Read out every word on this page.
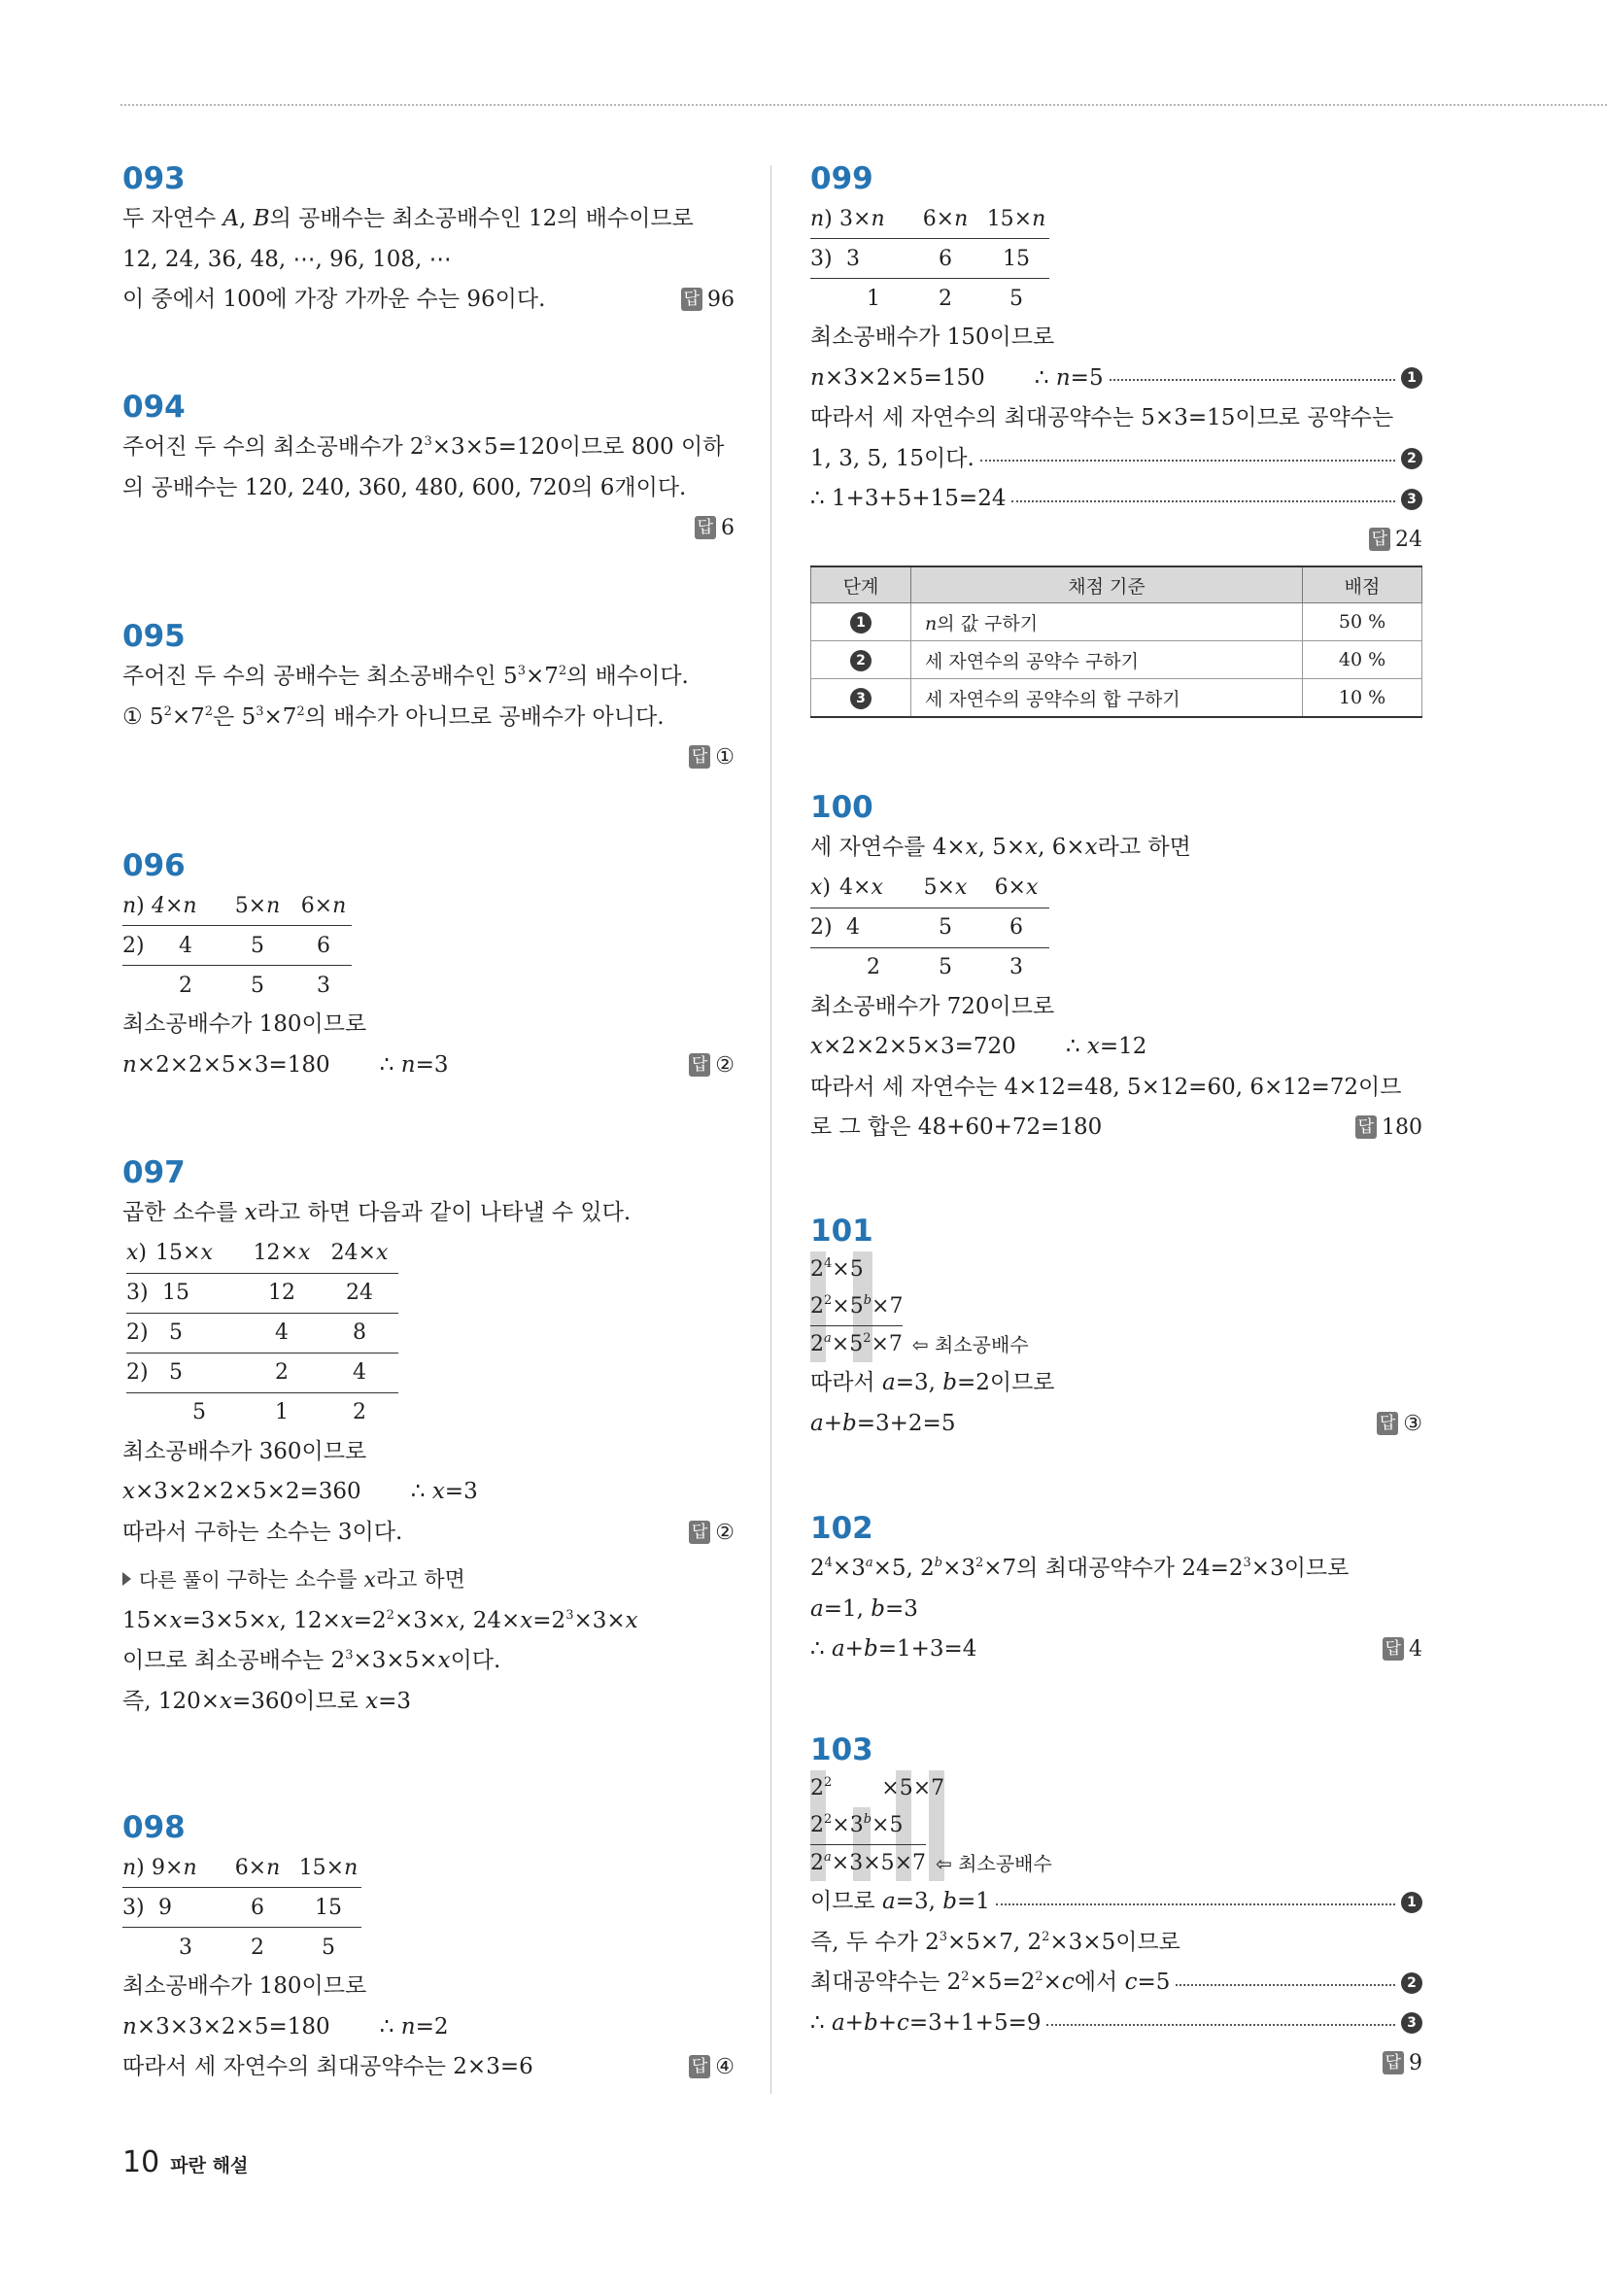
093
두 자연수 A, B의 공배수는 최소공배수인 12의 배수이므로
12, 24, 36, 48, ⋯, 96, 108, ⋯
이 중에서 100에 가장 가까운 수는 96이다.	답 96
094
주어진 두 수의 최소공배수가 $2^3\times 3\times 5=120$이므로 800 이하
의 공배수는 120, 240, 360, 480, 600, 720의 6개이다.
답 6
095
주어진 두 수의 공배수는 최소공배수인 $5^3\times 7^2$의 배수이다.
① $5^2\times 7^2$은 $5^3\times 7^2$의 배수가 아니므로 공배수가 아니다.
답 ①
096
n)	4×n	5×n	6×n
2)	4	5	6
	2	5	3
최소공배수가 180이므로
n×2×2×5×3=180       ∴ n=3	답 ②
097
곱한 소수를 x라고 하면 다음과 같이 나타낼 수 있다.
x)	15×x	12×x	24×x
3)	15	12	24
2)	5	4	8
2)	5	2	4
	5	1	2
최소공배수가 360이므로
x×3×2×2×5×2=360       ∴ x=3
따라서 구하는 소수는 3이다.	답 ②
다른 풀이 구하는 소수를 x라고 하면
15×x=3×5×x, $12\times x=2^2\times 3\times x$, $24\times x=2^3\times 3\times x$
이므로 최소공배수는 $2^3\times 3\times 5\times x$이다.
즉, 120×x=360이므로 x=3
098
n)	9×n	6×n	15×n
3)	9	6	15
	3	2	5
최소공배수가 180이므로
n×3×3×2×5=180       ∴ n=2
따라서 세 자연수의 최대공약수는 2×3=6	답 ④
099
n)	3×n	6×n	15×n
3)	3	6	15
	1	2	5
최소공배수가 150이므로
n×3×2×5=150       ∴ n=5	1
따라서 세 자연수의 최대공약수는 5×3=15이므로 공약수는
1, 3, 5, 15이다.	2
∴ 1+3+5+15=24	3
답 24
단계	채점 기준	배점
1	n의 값 구하기	50 %
2	세 자연수의 공약수 구하기	40 %
3	세 자연수의 공약수의 합 구하기	10 %
100
세 자연수를 4×x, 5×x, 6×x라고 하면
x)	4×x	5×x	6×x
2)	4	5	6
	2	5	3
최소공배수가 720이므로
x×2×2×5×3=720       ∴ x=12
따라서 세 자연수는 4×12=48, 5×12=60, 6×12=72이므
로 그 합은 48+60+72=180	답 180
101
$2^4\times 5$
$2^2\times 5^b\times 7$
$2^a\times 5^2\times 7$ ⇦ 최소공배수
따라서 a=3, b=2이므로
a+b=3+2=5	답 ③
102
$2^4\times 3^a\times 5$, $2^b\times 3^2\times 7$의 최대공약수가 $24=2^3\times 3$이므로
a=1, b=3
∴ a+b=1+3=4	답 4
103
$2^2 \times 5\times 7$
$2^2\times 3^b\times 5$
$2^a\times 3\times 5\times 7$ ⇦ 최소공배수
이므로 a=3, b=1	1
즉, 두 수가 $2^3\times 5\times 7$, $2^2\times 3\times 5$이므로
최대공약수는 $2^2\times 5=2^2\times c$에서 c=5	2
∴ a+b+c=3+1+5=9	3
답 9
10 파란 해설
